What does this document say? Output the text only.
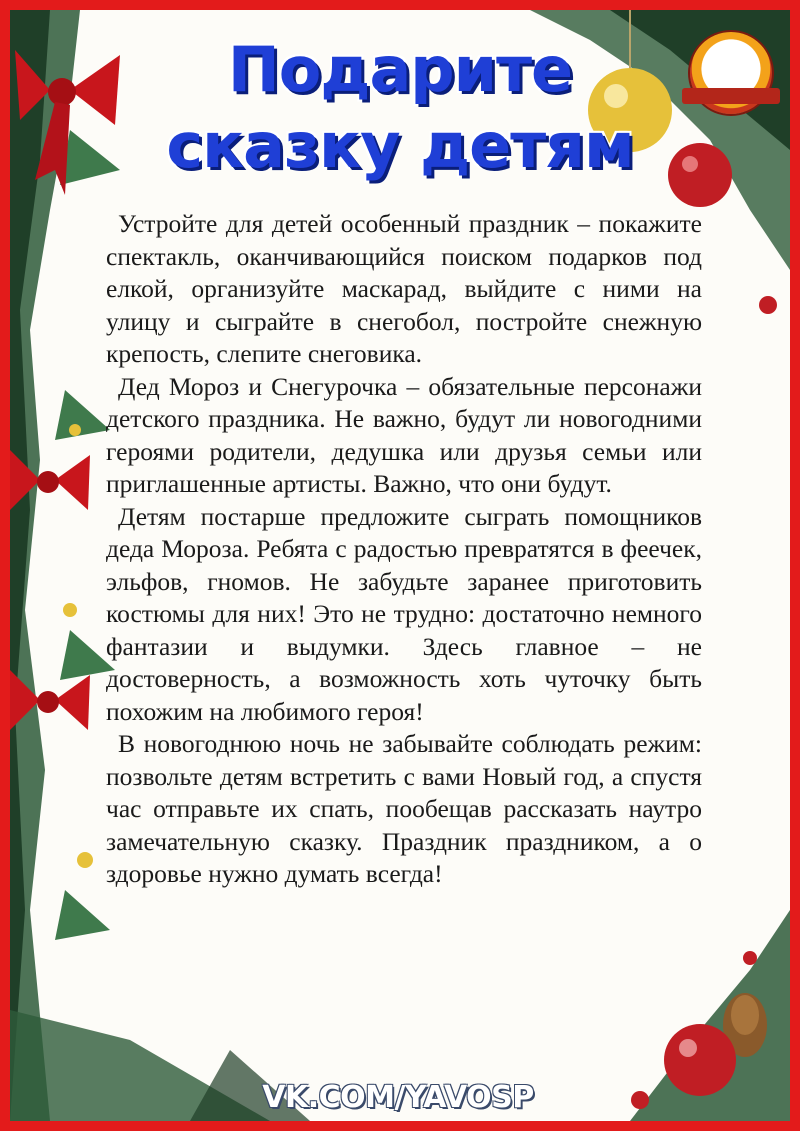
Подарите
сказку детям

Устройте для детей особенный праздник – покажите спектакль, оканчивающийся поиском подарков под елкой, организуйте маскарад, выйдите с ними на улицу и сыграйте в снегобол, постройте снежную крепость, слепите снеговика.

Дед Мороз и Снегурочка – обязательные персонажи детского праздника. Не важно, будут ли новогодними героями родители, дедушка или друзья семьи или приглашенные артисты. Важно, что они будут.

Детям постарше предложите сыграть помощников деда Мороза. Ребята с радостью превратятся в феечек, эльфов, гномов. Не забудьте заранее приготовить костюмы для них! Это не трудно: достаточно немного фантазии и выдумки. Здесь главное – не достоверность, а возможность хоть чуточку быть похожим на любимого героя!

В новогоднюю ночь не забывайте соблюдать режим: позвольте детям встретить с вами Новый год, а спустя час отправьте их спать, пообещав рассказать наутро замечательную сказку. Праздник праздником, а о здоровье нужно думать всегда!

VK.COM/YAVOSP
